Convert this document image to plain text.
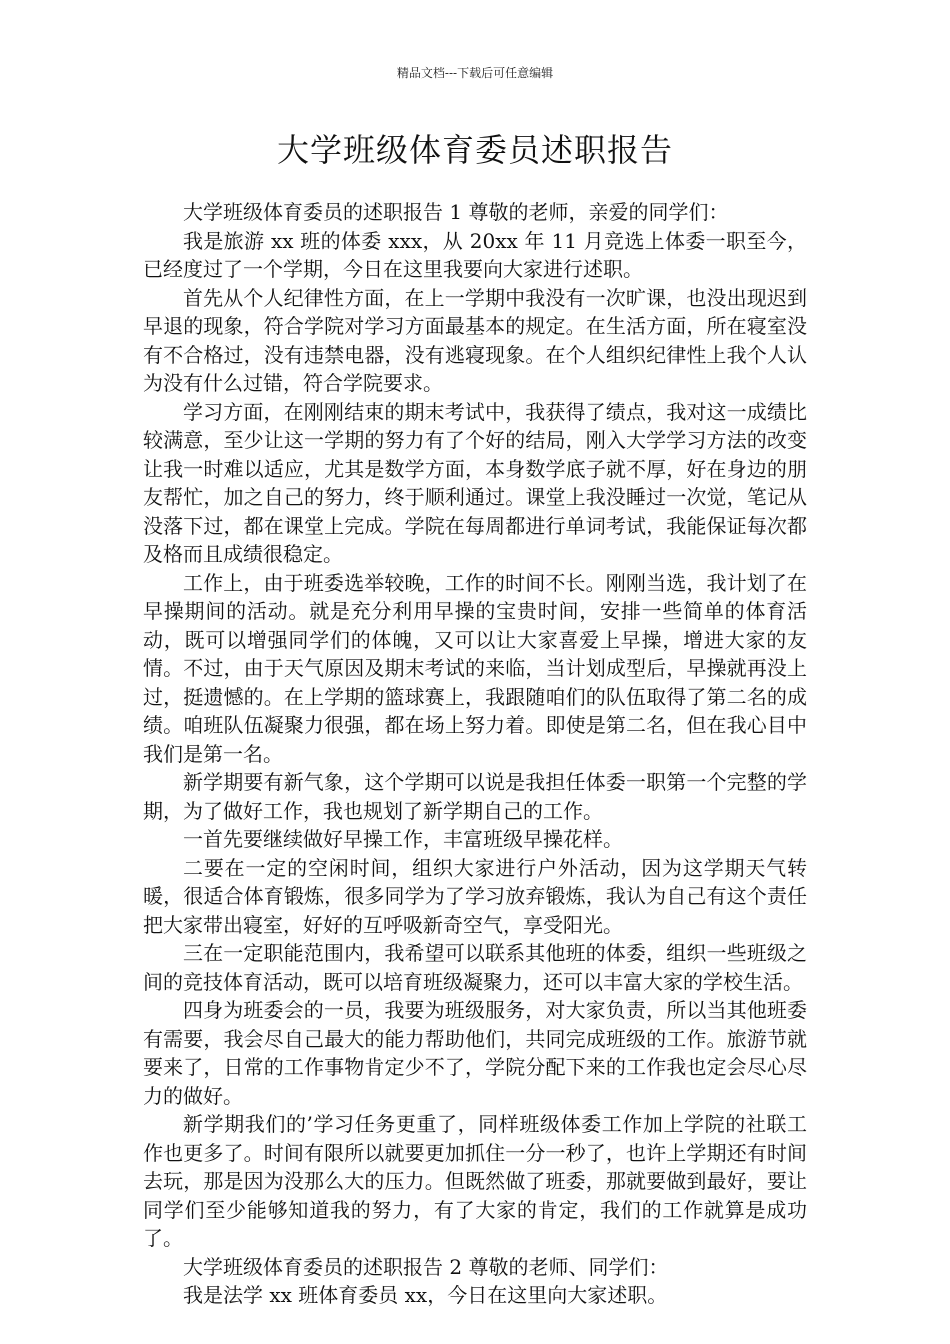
精品文档---下载后可任意编辑
大学班级体育委员述职报告

大学班级体育委员的述职报告 1 尊敬的老师，亲爱的同学们：

我是旅游 xx 班的体委 xxx，从 20xx 年 11 月竞选上体委一职至今，已经度过了一个学期，今日在这里我要向大家进行述职。

首先从个人纪律性方面，在上一学期中我没有一次旷课，也没出现迟到早退的现象，符合学院对学习方面最基本的规定。在生活方面，所在寝室没有不合格过，没有违禁电器，没有逃寝现象。在个人组织纪律性上我个人认为没有什么过错，符合学院要求。

学习方面，在刚刚结束的期末考试中，我获得了绩点，我对这一成绩比较满意，至少让这一学期的努力有了个好的结局，刚入大学学习方法的改变让我一时难以适应，尤其是数学方面，本身数学底子就不厚，好在身边的朋友帮忙，加之自己的努力，终于顺利通过。课堂上我没睡过一次觉，笔记从没落下过，都在课堂上完成。学院在每周都进行单词考试，我能保证每次都及格而且成绩很稳定。

工作上，由于班委选举较晚，工作的时间不长。刚刚当选，我计划了在早操期间的活动。就是充分利用早操的宝贵时间，安排一些简单的体育活动，既可以增强同学们的体魄，又可以让大家喜爱上早操，增进大家的友情。不过，由于天气原因及期末考试的来临，当计划成型后，早操就再没上过，挺遗憾的。在上学期的篮球赛上，我跟随咱们的队伍取得了第二名的成绩。咱班队伍凝聚力很强，都在场上努力着。即使是第二名，但在我心目中我们是第一名。

新学期要有新气象，这个学期可以说是我担任体委一职第一个完整的学期，为了做好工作，我也规划了新学期自己的工作。

一首先要继续做好早操工作，丰富班级早操花样。

二要在一定的空闲时间，组织大家进行户外活动，因为这学期天气转暖，很适合体育锻炼，很多同学为了学习放弃锻炼，我认为自己有这个责任把大家带出寝室，好好的互呼吸新奇空气，享受阳光。

三在一定职能范围内，我希望可以联系其他班的体委，组织一些班级之间的竞技体育活动，既可以培育班级凝聚力，还可以丰富大家的学校生活。

四身为班委会的一员，我要为班级服务，对大家负责，所以当其他班委有需要，我会尽自己最大的能力帮助他们，共同完成班级的工作。旅游节就要来了，日常的工作事物肯定少不了，学院分配下来的工作我也定会尽心尽力的做好。

新学期我们的’学习任务更重了，同样班级体委工作加上学院的社联工作也更多了。时间有限所以就要更加抓住一分一秒了，也许上学期还有时间去玩，那是因为没那么大的压力。但既然做了班委，那就要做到最好，要让同学们至少能够知道我的努力，有了大家的肯定，我们的工作就算是成功了。

大学班级体育委员的述职报告 2 尊敬的老师、同学们：

我是法学 xx 班体育委员 xx，今日在这里向大家述职。
